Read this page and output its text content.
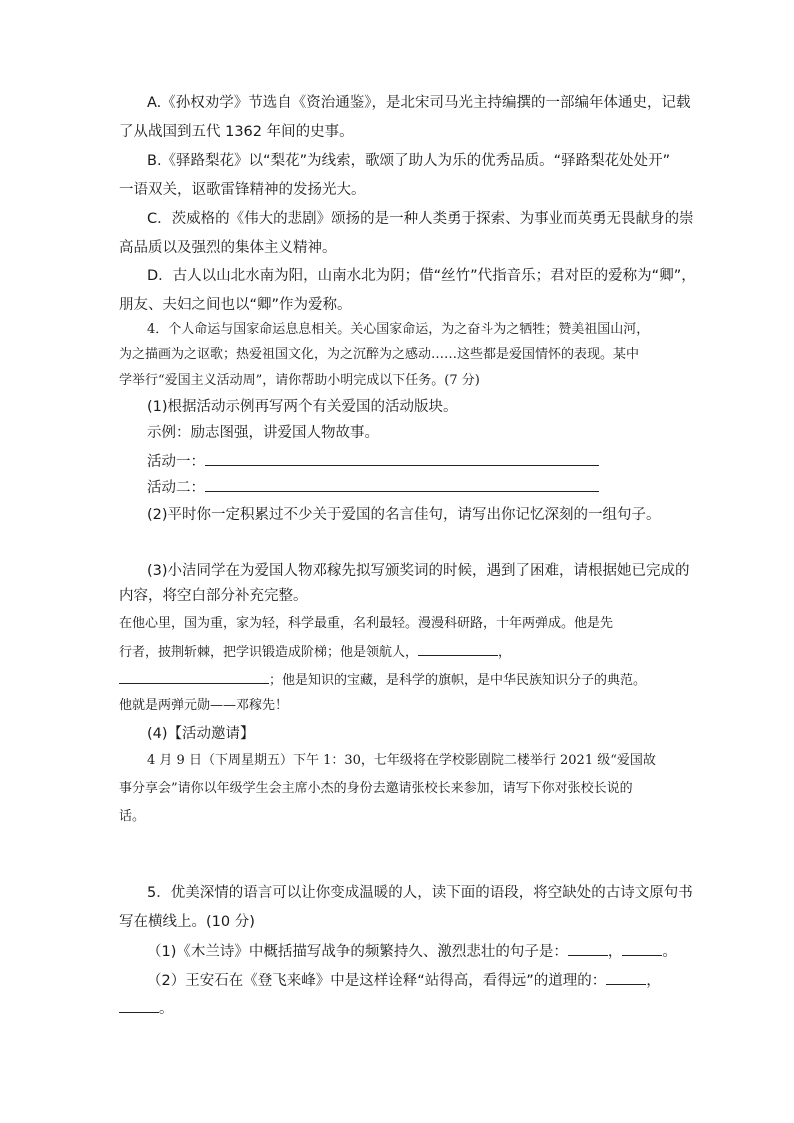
A.《孙权劝学》节选自《资治通鉴》，是北宋司马光主持编撰的一部编年体通史，记载
了从战国到五代 1362 年间的史事。
B.《驿路梨花》以“梨花”为线索，歌颂了助人为乐的优秀品质。“驿路梨花处处开”
一语双关，讴歌雷锋精神的发扬光大。
C．茨威格的《伟大的悲剧》颂扬的是一种人类勇于探索、为事业而英勇无畏献身的崇
高品质以及强烈的集体主义精神。
D．古人以山北水南为阳，山南水北为阴；借“丝竹”代指音乐；君对臣的爱称为“卿”，
朋友、夫妇之间也以“卿”作为爱称。
4．个人命运与国家命运息息相关。关心国家命运，为之奋斗为之牺牲；赞美祖国山河，
为之描画为之讴歌；热爱祖国文化，为之沉醉为之感动……这些都是爱国情怀的表现。某中
学举行“爱国主义活动周”，请你帮助小明完成以下任务。(7 分)
(1)根据活动示例再写两个有关爱国的活动版块。
示例：励志图强，讲爱国人物故事。
活动一：
活动二：
(2)平时你一定积累过不少关于爱国的名言佳句，请写出你记忆深刻的一组句子。
(3)小洁同学在为爱国人物邓稼先拟写颁奖词的时候，遇到了困难，请根据她已完成的
内容，将空白部分补充完整。
在他心里，国为重，家为轻，科学最重，名利最轻。漫漫科研路，十年两弹成。他是先
行者，披荆斩棘，把学识锻造成阶梯；他是领航人，	，
；他是知识的宝藏，是科学的旗帜，是中华民族知识分子的典范。
他就是两弹元勋——邓稼先！
(4)【活动邀请】
4 月 9 日（下周星期五）下午 1：30，七年级将在学校影剧院二楼举行 2021 级“爱国故
事分享会”请你以年级学生会主席小杰的身份去邀请张校长来参加，请写下你对张校长说的
话。
5．优美深情的语言可以让你变成温暖的人，读下面的语段，将空缺处的古诗文原句书
写在横线上。(10 分)
（1)《木兰诗》中概括描写战争的频繁持久、激烈悲壮的句子是：	，	。
（2）王安石在《登飞来峰》中是这样诠释“站得高，看得远”的道理的：	，
。
